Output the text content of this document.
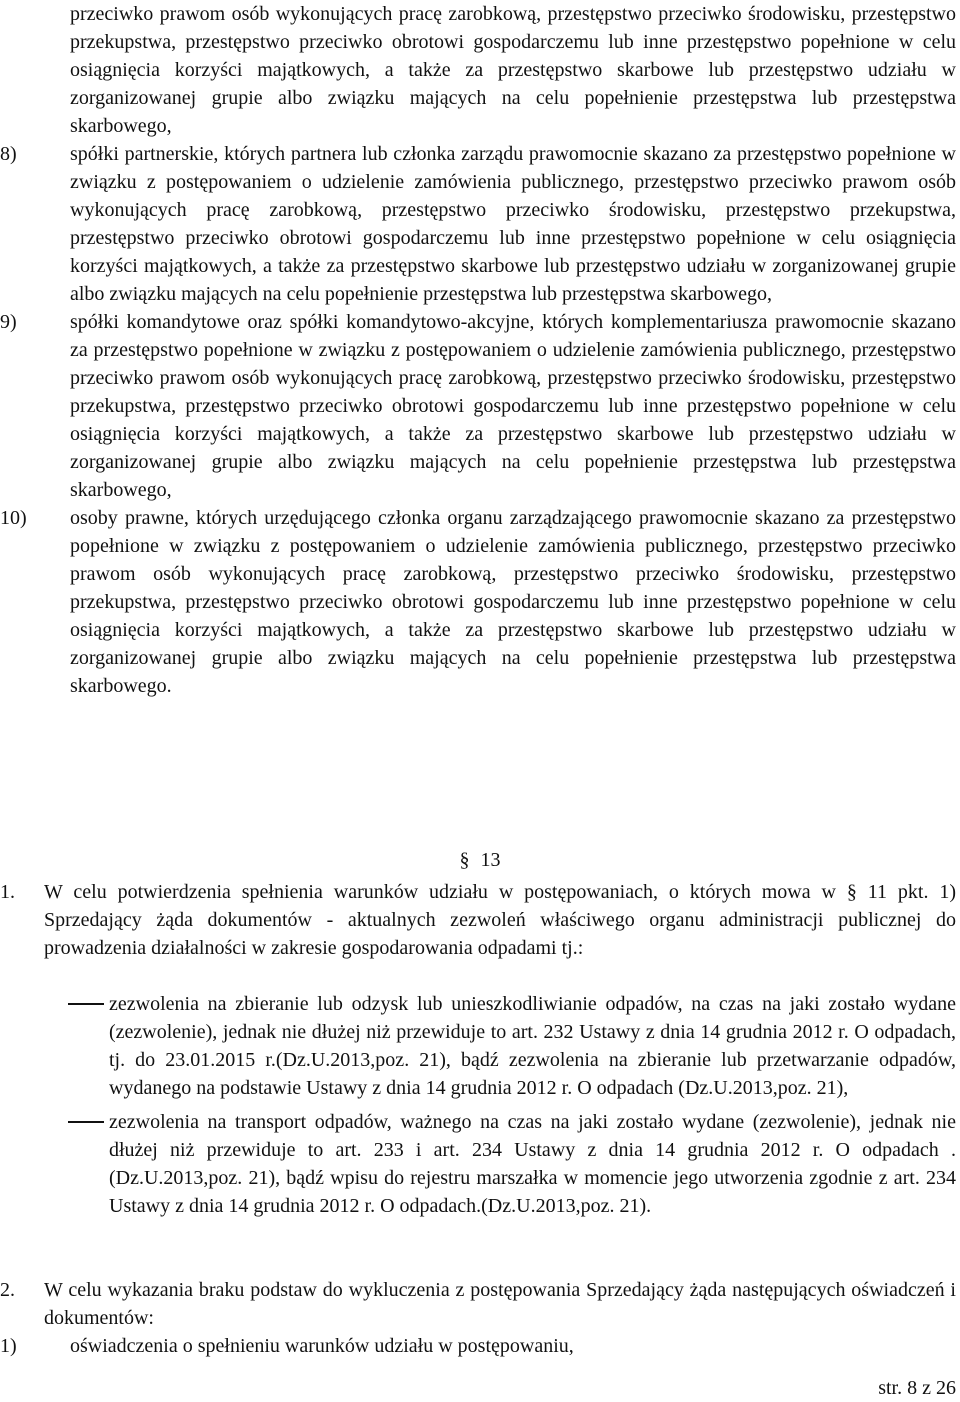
przeciwko prawom osób wykonujących pracę zarobkową, przestępstwo przeciwko środowisku, przestępstwo przekupstwa, przestępstwo przeciwko obrotowi gospodarczemu lub inne przestępstwo popełnione w celu osiągnięcia korzyści majątkowych, a także za przestępstwo skarbowe lub przestępstwo udziału w zorganizowanej grupie albo związku mających na celu popełnienie przestępstwa lub przestępstwa skarbowego,

8)	spółki partnerskie, których partnera lub członka zarządu prawomocnie skazano za przestępstwo popełnione w związku z postępowaniem o udzielenie zamówienia publicznego, przestępstwo przeciwko prawom osób wykonujących pracę zarobkową, przestępstwo przeciwko środowisku, przestępstwo przekupstwa, przestępstwo przeciwko obrotowi gospodarczemu lub inne przestępstwo popełnione w celu osiągnięcia korzyści majątkowych, a także za przestępstwo skarbowe lub przestępstwo udziału w zorganizowanej grupie albo związku mających na celu popełnienie przestępstwa lub przestępstwa skarbowego,

9)	spółki komandytowe oraz spółki komandytowo-akcyjne, których komplementariusza prawomocnie skazano za przestępstwo popełnione w związku z postępowaniem o udzielenie zamówienia publicznego, przestępstwo przeciwko prawom osób wykonujących pracę zarobkową, przestępstwo przeciwko środowisku, przestępstwo przekupstwa, przestępstwo przeciwko obrotowi gospodarczemu lub inne przestępstwo popełnione w celu osiągnięcia korzyści majątkowych, a także za przestępstwo skarbowe lub przestępstwo udziału w zorganizowanej grupie albo związku mających na celu popełnienie przestępstwa lub przestępstwa skarbowego,

10) osoby prawne, których urzędującego członka organu zarządzającego prawomocnie skazano za przestępstwo popełnione w związku z postępowaniem o udzielenie zamówienia publicznego, przestępstwo przeciwko prawom osób wykonujących pracę zarobkową, przestępstwo przeciwko środowisku, przestępstwo przekupstwa, przestępstwo przeciwko obrotowi gospodarczemu lub inne przestępstwo popełnione w celu osiągnięcia korzyści majątkowych, a także za przestępstwo skarbowe lub przestępstwo udziału w zorganizowanej grupie albo związku mających na celu popełnienie przestępstwa lub przestępstwa skarbowego.

§ 13
1. W celu potwierdzenia spełnienia warunków udziału w postępowaniach, o których mowa w § 11 pkt. 1) Sprzedający żąda dokumentów - aktualnych zezwoleń właściwego organu administracji publicznej do prowadzenia działalności w zakresie gospodarowania odpadami tj.:

zezwolenia na zbieranie lub odzysk lub unieszkodliwianie odpadów, na czas na jaki zostało wydane (zezwolenie), jednak nie dłużej niż przewiduje to art. 232 Ustawy z dnia 14 grudnia 2012 r. O odpadach, tj. do 23.01.2015 r.(Dz.U.2013,poz. 21), bądź zezwolenia na zbieranie lub przetwarzanie odpadów, wydanego na podstawie Ustawy z dnia 14 grudnia 2012 r. O odpadach (Dz.U.2013,poz. 21),

zezwolenia na transport odpadów, ważnego na czas na jaki zostało wydane (zezwolenie), jednak nie dłużej niż przewiduje to art. 233 i art. 234 Ustawy z dnia 14 grudnia 2012 r. O odpadach .(Dz.U.2013,poz. 21), bądź wpisu do rejestru marszałka w momencie jego utworzenia zgodnie z art. 234 Ustawy z dnia 14 grudnia 2012 r. O odpadach.(Dz.U.2013,poz. 21).

2. W celu wykazania braku podstaw do wykluczenia z postępowania Sprzedający żąda następujących oświadczeń i dokumentów:

1)	oświadczenia o spełnieniu warunków udziału w postępowaniu,

str. 8 z 26
